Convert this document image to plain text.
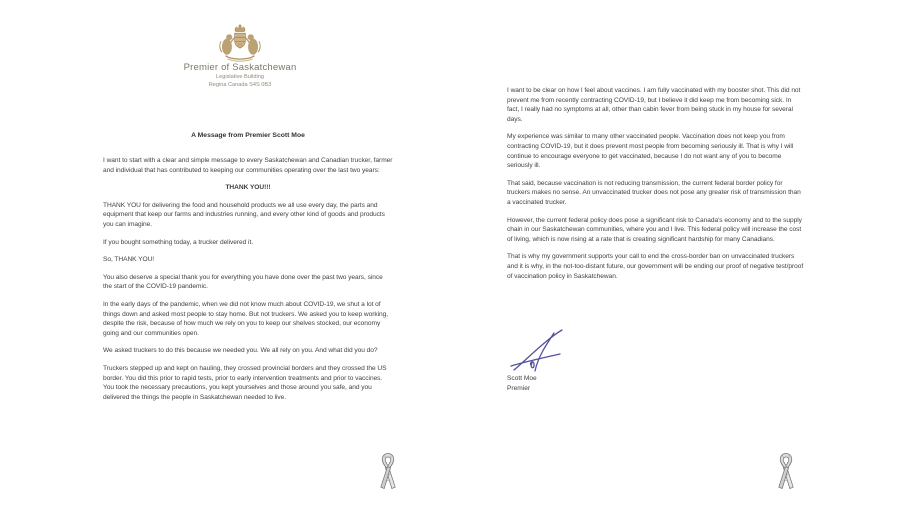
Premier of Saskatchewan
Legislative Building
Regina Canada S4S 0B3
A Message from Premier Scott Moe

I want to start with a clear and simple message to every Saskatchewan and Canadian trucker, farmer and individual that has contributed to keeping our communities operating over the last two years:

THANK YOU!!!

THANK YOU for delivering the food and household products we all use every day, the parts and equipment that keep our farms and industries running, and every other kind of goods and products you can imagine.

If you bought something today, a trucker delivered it.

So, THANK YOU!

You also deserve a special thank you for everything you have done over the past two years, since the start of the COVID-19 pandemic.

In the early days of the pandemic, when we did not know much about COVID-19, we shut a lot of things down and asked most people to stay home. But not truckers. We asked you to keep working, despite the risk, because of how much we rely on you to keep our shelves stocked, our economy going and our communities open.

We asked truckers to do this because we needed you. We all rely on you. And what did you do?

Truckers stepped up and kept on hauling, they crossed provincial borders and they crossed the US border. You did this prior to rapid tests, prior to early intervention treatments and prior to vaccines. You took the necessary precautions, you kept yourselves and those around you safe, and you delivered the things the people in Saskatchewan needed to live.

I want to be clear on how I feel about vaccines. I am fully vaccinated with my booster shot. This did not prevent me from recently contracting COVID-19, but I believe it did keep me from becoming sick. In fact, I really had no symptoms at all, other than cabin fever from being stuck in my house for several days.

My experience was similar to many other vaccinated people. Vaccination does not keep you from contracting COVID-19, but it does prevent most people from becoming seriously ill. That is why I will continue to encourage everyone to get vaccinated, because I do not want any of you to become seriously ill.

That said, because vaccination is not reducing transmission, the current federal border policy for truckers makes no sense. An unvaccinated trucker does not pose any greater risk of transmission than a vaccinated trucker.

However, the current federal policy does pose a significant risk to Canada's economy and to the supply chain in our Saskatchewan communities, where you and I live. This federal policy will increase the cost of living, which is now rising at a rate that is creating significant hardship for many Canadians.

That is why my government supports your call to end the cross-border ban on unvaccinated truckers and it is why, in the not-too-distant future, our government will be ending our proof of negative test/proof of vaccination policy in Saskatchewan.

Scott Moe
Premier
